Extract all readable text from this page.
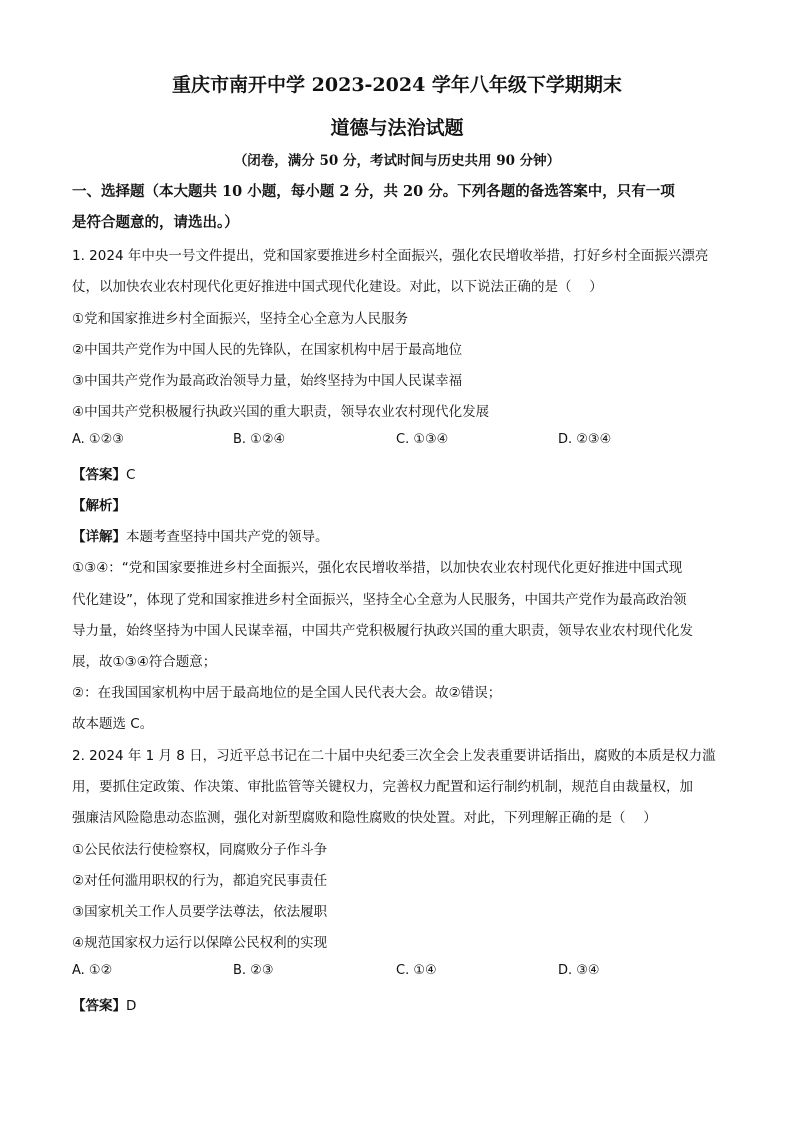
重庆市南开中学 2023-2024 学年八年级下学期期末
道德与法治试题
（闭卷，满分 50 分，考试时间与历史共用 90 分钟）
一、选择题（本大题共 10 小题，每小题 2 分，共 20 分。下列各题的备选答案中，只有一项
是符合题意的，请选出。）
1. 2024 年中央一号文件提出，党和国家要推进乡村全面振兴，强化农民增收举措，打好乡村全面振兴漂亮
仗，以加快农业农村现代化更好推进中国式现代化建设。对此，以下说法正确的是（　 ）
①党和国家推进乡村全面振兴，坚持全心全意为人民服务
②中国共产党作为中国人民的先锋队，在国家机构中居于最高地位
③中国共产党作为最高政治领导力量，始终坚持为中国人民谋幸福
④中国共产党积极履行执政兴国的重大职责，领导农业农村现代化发展
A. ①②③	B. ①②④	C. ①③④	D. ②③④
【答案】C
【解析】
【详解】本题考查坚持中国共产党的领导。
①③④：“党和国家要推进乡村全面振兴，强化农民增收举措，以加快农业农村现代化更好推进中国式现
代化建设”，体现了党和国家推进乡村全面振兴，坚持全心全意为人民服务，中国共产党作为最高政治领
导力量，始终坚持为中国人民谋幸福，中国共产党积极履行执政兴国的重大职责，领导农业农村现代化发
展，故①③④符合题意；
②：在我国国家机构中居于最高地位的是全国人民代表大会。故②错误；
故本题选 C。
2. 2024 年 1 月 8 日，习近平总书记在二十届中央纪委三次全会上发表重要讲话指出，腐败的本质是权力滥
用，要抓住定政策、作决策、审批监管等关键权力，完善权力配置和运行制约机制，规范自由裁量权，加
强廉洁风险隐患动态监测，强化对新型腐败和隐性腐败的快处置。对此，下列理解正确的是（　 ）
①公民依法行使检察权，同腐败分子作斗争
②对任何滥用职权的行为，都追究民事责任
③国家机关工作人员要学法尊法，依法履职
④规范国家权力运行以保障公民权利的实现
A. ①②	B. ②③	C. ①④	D. ③④
【答案】D
